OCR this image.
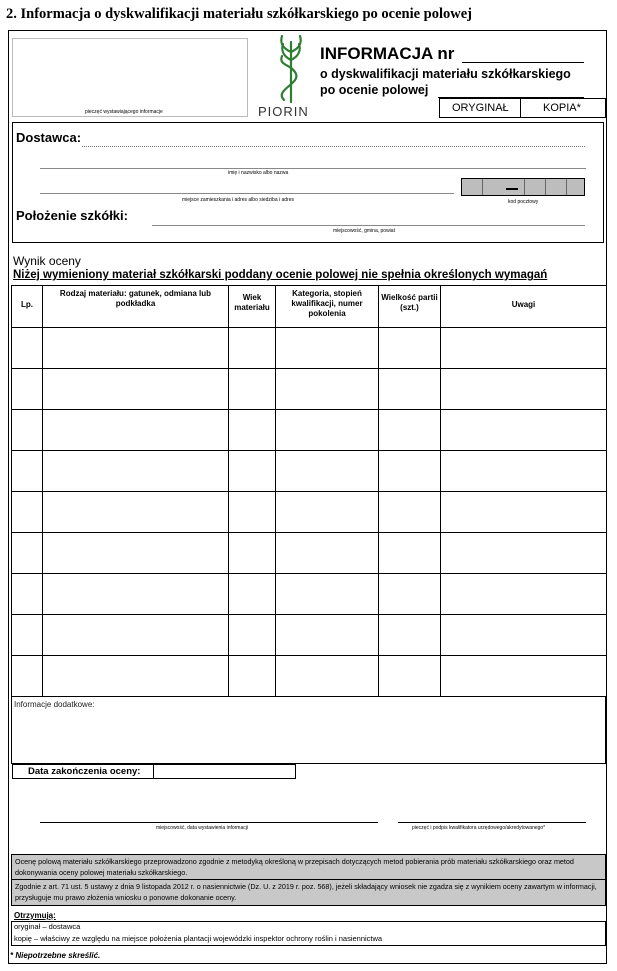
2. Informacja o dyskwalifikacji materiału szkółkarskiego po ocenie polowej
pieczęć wystawiającego informacje	PIORIN
INFORMACJA nr
o dyskwalifikacji materiału szkółkarskiego
po ocenie polowej
ORYGINAŁ	KOPIA*
Dostawca:
imię i nazwisko albo nazwa
miejsce zamieszkania i adres albo siedziba i adres	kod pocztowy
Położenie szkółki:
miejscowość, gmina, powiat
Wynik oceny
Niżej wymieniony materiał szkółkarski poddany ocenie polowej nie spełnia określonych wymagań
Lp.	Rodzaj materiału: gatunek, odmiana lub podkładka	Wiek materiału	Kategoria, stopień kwalifikacji, numer pokolenia	Wielkość partii (szt.)	Uwagi

Informacje dodatkowe:
Data zakończenia oceny:
miejscowość, data wystawienia informacji	pieczęć i podpis kwalifikatora urzędowego/akredytowanego*
Ocenę polową materiału szkółkarskiego przeprowadzono zgodnie z metodyką określoną w przepisach dotyczących metod pobierania prób materiału szkółkarskiego oraz metod dokonywania oceny polowej materiału szkółkarskiego.
Zgodnie z art. 71 ust. 5 ustawy z dnia 9 listopada 2012 r. o nasiennictwie (Dz. U. z 2019 r. poz. 568), jeżeli składający wniosek nie zgadza się z wynikiem oceny zawartym w informacji, przysługuje mu prawo złożenia wniosku o ponowne dokonanie oceny.
Otrzymują:
oryginał – dostawca
kopię – właściwy ze względu na miejsce położenia plantacji wojewódzki inspektor ochrony roślin i nasiennictwa
* Niepotrzebne skreślić.
